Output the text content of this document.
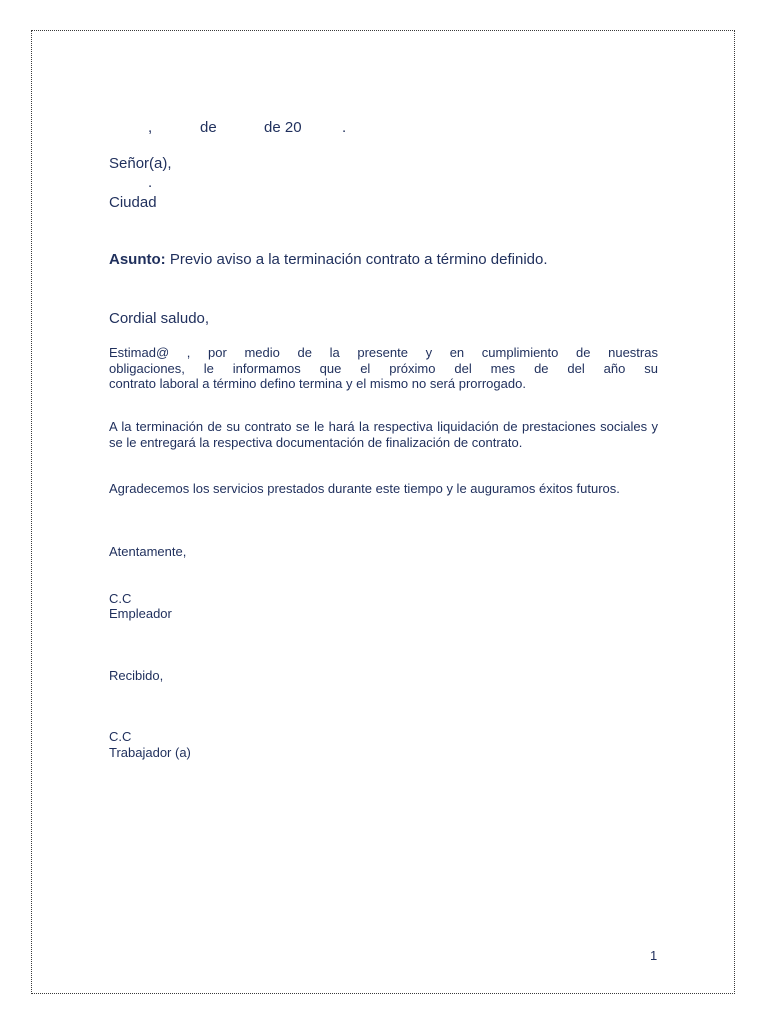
,	de	de 20	.

Señor(a),

.

Ciudad

Asunto: Previo aviso a la terminación contrato a término definido.

Cordial saludo,

Estimad@ , por medio de la presente y en cumplimiento de nuestras
obligaciones, le informamos que el próximo del mes de del año su
contrato laboral a término defino termina y el mismo no será prorrogado.

A la terminación de su contrato se le hará la respectiva liquidación de prestaciones sociales y se le entregará la respectiva documentación de finalización de contrato.

Agradecemos los servicios prestados durante este tiempo y le auguramos éxitos futuros.

Atentamente,

C.C

Empleador

Recibido,

C.C

Trabajador (a)

1
